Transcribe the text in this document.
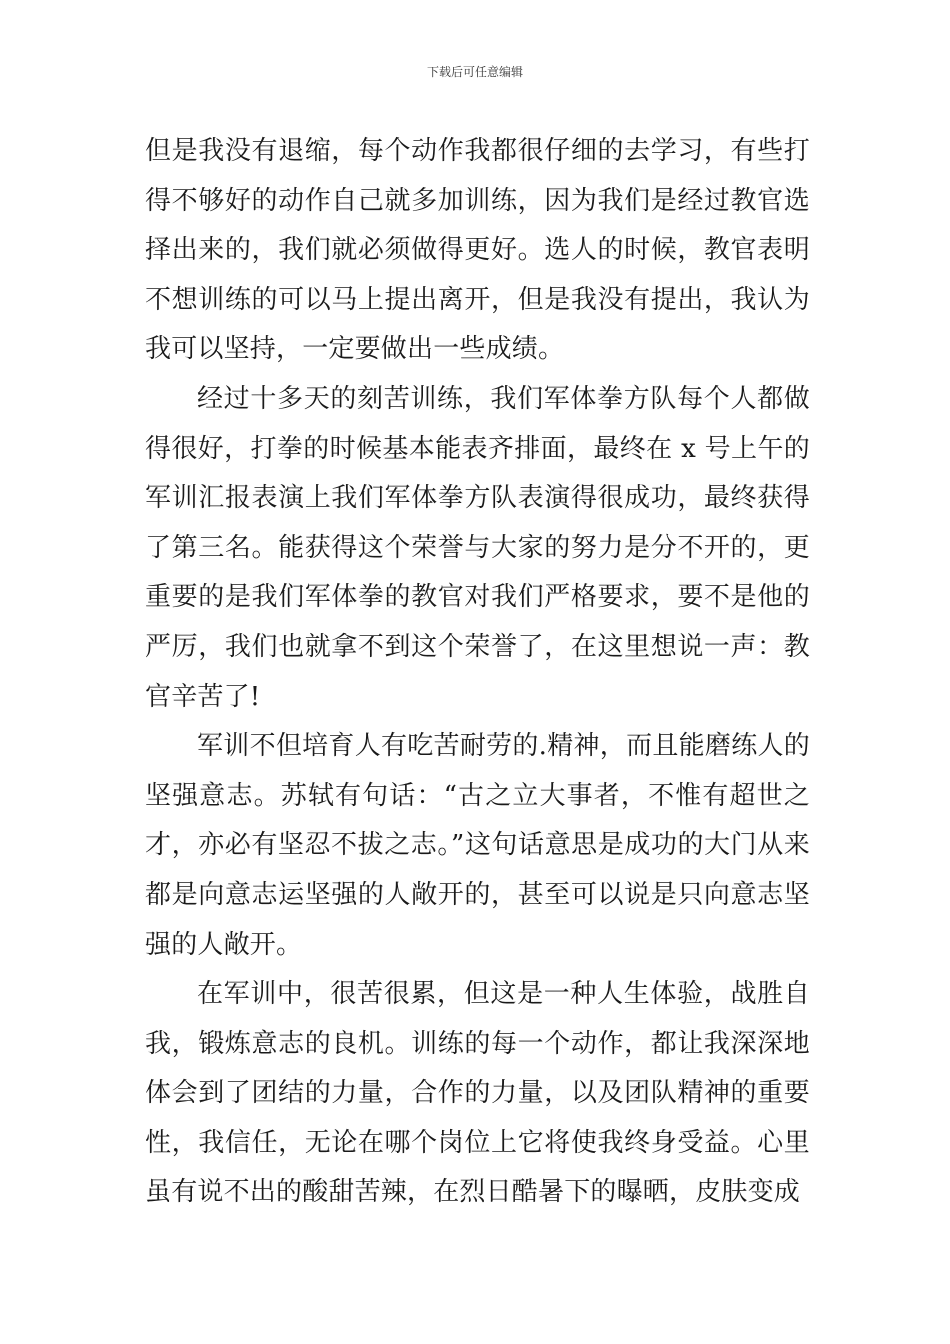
下载后可任意编辑

但是我没有退缩，每个动作我都很仔细的去学习，有些打得不够好的动作自己就多加训练，因为我们是经过教官选择出来的，我们就必须做得更好。选人的时候，教官表明不想训练的可以马上提出离开，但是我没有提出，我认为我可以坚持，一定要做出一些成绩。

经过十多天的刻苦训练，我们军体拳方队每个人都做得很好，打拳的时候基本能表齐排面，最终在 x 号上午的军训汇报表演上我们军体拳方队表演得很成功，最终获得了第三名。能获得这个荣誉与大家的努力是分不开的，更重要的是我们军体拳的教官对我们严格要求，要不是他的严厉，我们也就拿不到这个荣誉了，在这里想说一声：教官辛苦了!

军训不但培育人有吃苦耐劳的.精神，而且能磨练人的坚强意志。苏轼有句话：“古之立大事者，不惟有超世之才，亦必有坚忍不拔之志。”这句话意思是成功的大门从来都是向意志运坚强的人敞开的，甚至可以说是只向意志坚强的人敞开。

在军训中，很苦很累，但这是一种人生体验，战胜自我，锻炼意志的良机。训练的每一个动作，都让我深深地体会到了团结的力量，合作的力量，以及团队精神的重要性，我信任，无论在哪个岗位上它将使我终身受益。心里虽有说不出的酸甜苦辣，在烈日酷暑下的曝晒，皮肤变成
